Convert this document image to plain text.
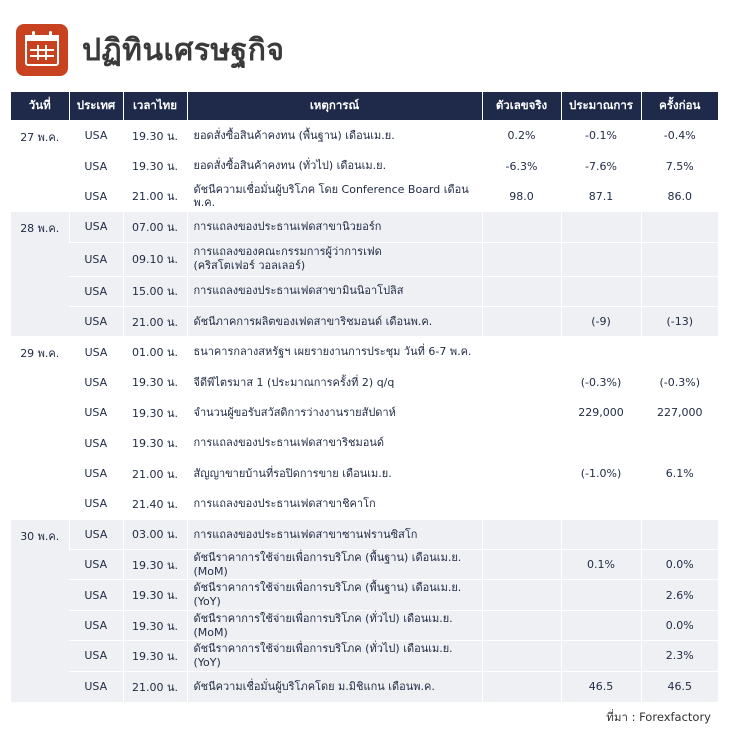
ปฏิทินเศรษฐกิจ
วันที่	ประเทศ	เวลาไทย	เหตุการณ์	ตัวเลขจริง	ประมาณการ	ครั้งก่อน
27 พ.ค.	USA	19.30 น.	ยอดสั่งซื้อสินค้าคงทน (พื้นฐาน) เดือนเม.ย.	0.2%	-0.1%	-0.4%
	USA	19.30 น.	ยอดสั่งซื้อสินค้าคงทน (ทั่วไป) เดือนเม.ย.	-6.3%	-7.6%	7.5%
	USA	21.00 น.	ดัชนีความเชื่อมั่นผู้บริโภค โดย Conference Board เดือนพ.ค.	98.0	87.1	86.0
28 พ.ค.	USA	07.00 น.	การแถลงของประธานเฟดสาขานิวยอร์ก			

	USA	09.10 น.	การแถลงของคณะกรรมการผู้ว่าการเฟด
(คริสโตเฟอร์ วอลเลอร์)			

	USA	15.00 น.	การแถลงของประธานเฟดสาขามินนิอาโปลิส			

	USA	21.00 น.	ดัชนีภาคการผลิตของเฟดสาขาริชมอนด์ เดือนพ.ค.		(-9)	(-13)
29 พ.ค.	USA	01.00 น.	ธนาคารกลางสหรัฐฯ เผยรายงานการประชุม วันที่ 6-7 พ.ค.			

	USA	19.30 น.	จีดีพีไตรมาส 1 (ประมาณการครั้งที่ 2) q/q		(-0.3%)	(-0.3%)
	USA	19.30 น.	จำนวนผู้ขอรับสวัสดิการว่างงานรายสัปดาห์		229,000	227,000
	USA	19.30 น.	การแถลงของประธานเฟดสาขาริชมอนด์			

	USA	21.00 น.	สัญญาขายบ้านที่รอปิดการขาย เดือนเม.ย.		(-1.0%)	6.1%
	USA	21.40 น.	การแถลงของประธานเฟดสาขาชิคาโก			

30 พ.ค.	USA	03.00 น.	การแถลงของประธานเฟดสาขาซานฟรานซิสโก			

	USA	19.30 น.	ดัชนีราคาการใช้จ่ายเพื่อการบริโภค (พื้นฐาน) เดือนเม.ย. (MoM)		0.1%	0.0%
	USA	19.30 น.	ดัชนีราคาการใช้จ่ายเพื่อการบริโภค (พื้นฐาน) เดือนเม.ย. (YoY)			2.6%
	USA	19.30 น.	ดัชนีราคาการใช้จ่ายเพื่อการบริโภค (ทั่วไป) เดือนเม.ย. (MoM)			0.0%
	USA	19.30 น.	ดัชนีราคาการใช้จ่ายเพื่อการบริโภค (ทั่วไป) เดือนเม.ย. (YoY)			2.3%
	USA	21.00 น.	ดัชนีความเชื่อมั่นผู้บริโภคโดย ม.มิชิแกน เดือนพ.ค.		46.5	46.5
ที่มา : Forexfactory
